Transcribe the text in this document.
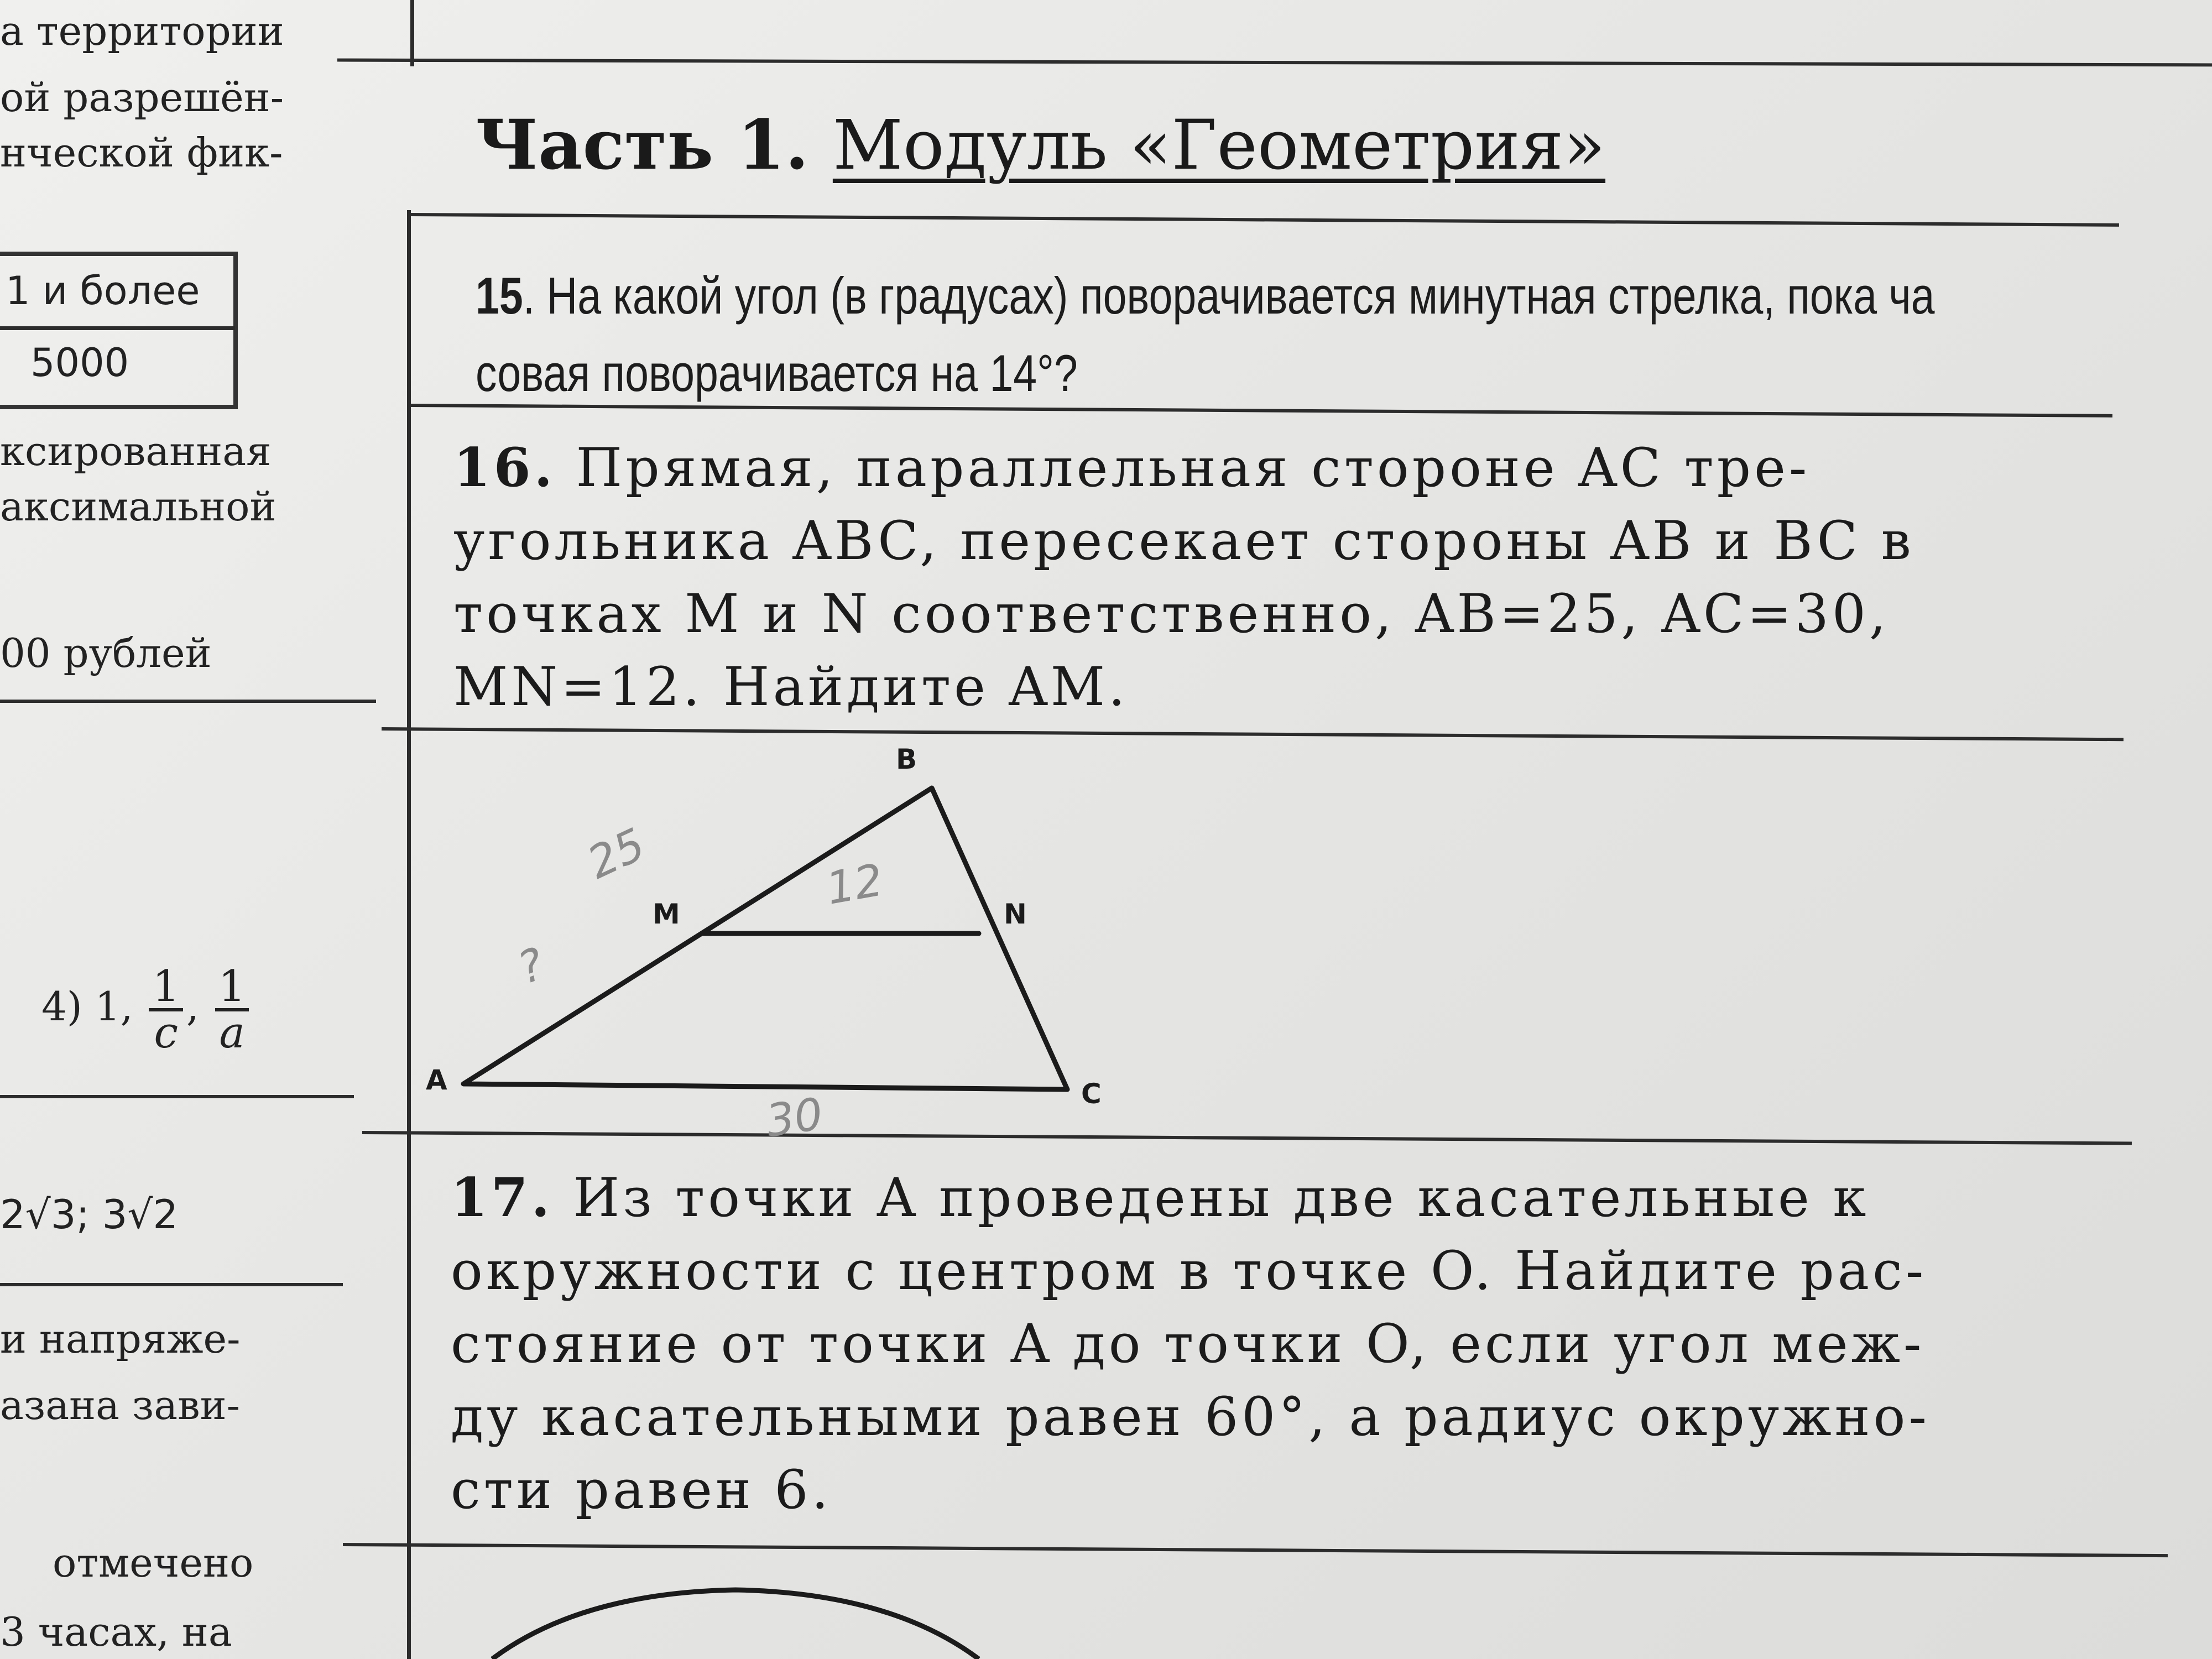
а территории
ой разрешён-
нческой фик-
1 и более
5000
ксированная
аксимальной
00 рублей
4) 1, $\frac{1}{c}$ , $\frac{1}{a}$
2√3; 3√2
и напряже-
азана зави-
отмечено
3 часах, на
Часть 1. Модуль «Геометрия»
15. На какой угол (в градусах) поворачивается минутная стрелка, пока ча
совая поворачивается на 14°?
16. Прямая, параллельная стороне AC тре-
угольника ABC, пересекает стороны AB и BC в
точках M и N соответственно, AB=25, AC=30,
MN=12. Найдите AM.
B
M	N
A	C
25	12
?
30
17. Из точки A проведены две касательные к
окружности с центром в точке O. Найдите рас-
стояние от точки A до точки O, если угол меж-
ду касательными равен 60°, а радиус окружно-
сти равен 6.
